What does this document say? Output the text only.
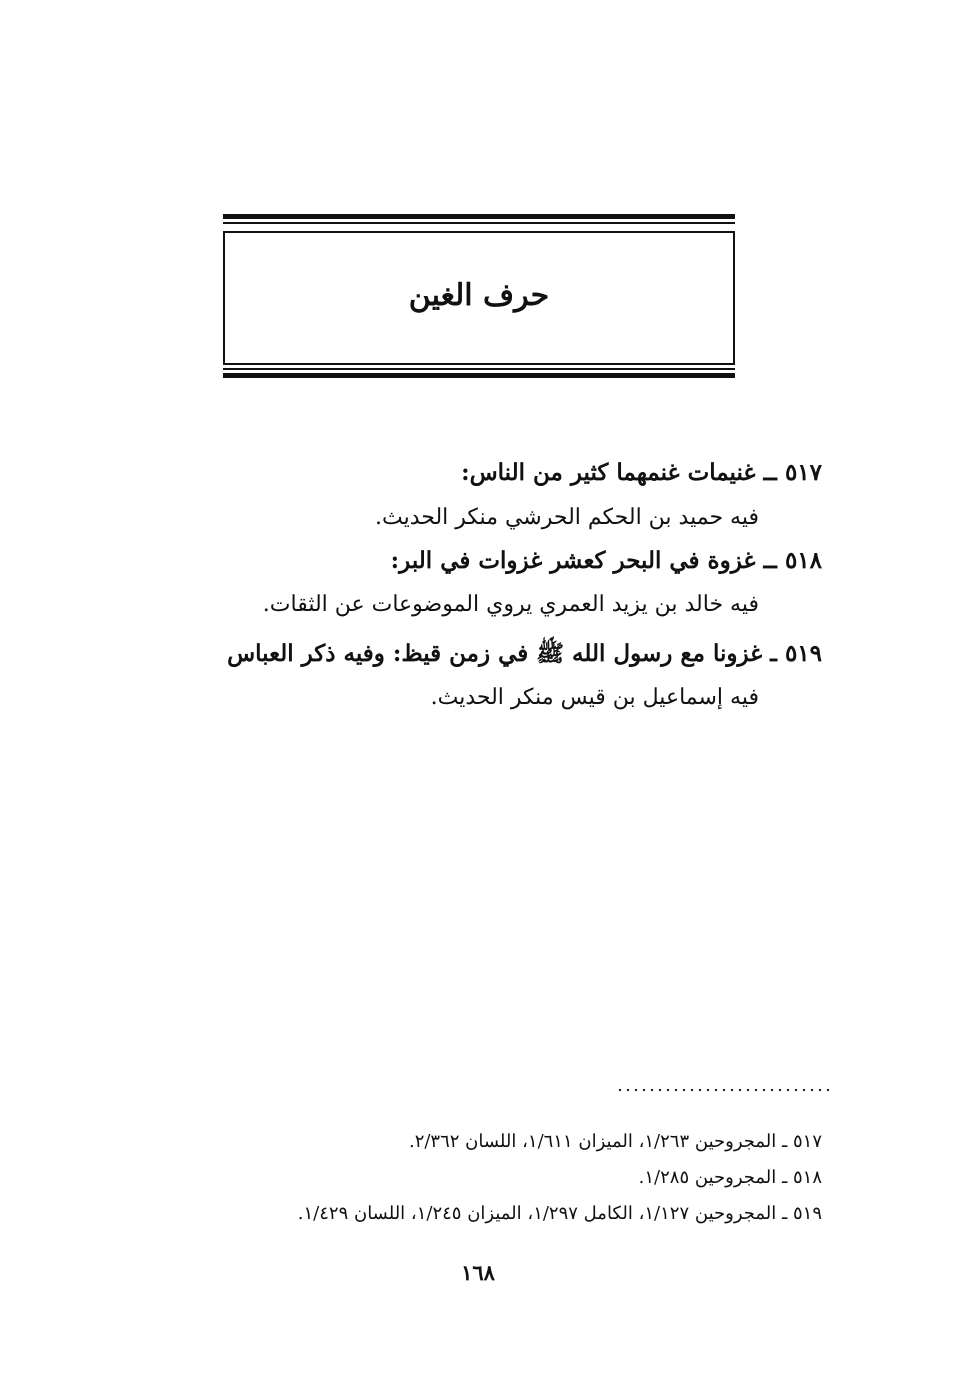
حرف الغين
٥١٧ ــ غنيمات غنمهما كثير من الناس:
فيه حميد بن الحكم الحرشي منكر الحديث.
٥١٨ ــ غزوة في البحر كعشر غزوات في البر:
فيه خالد بن يزيد العمري يروي الموضوعات عن الثقات.
٥١٩ ـ غزونا مع رسول الله ﷺ في زمن قيظ: وفيه ذكر العباس
فيه إسماعيل بن قيس منكر الحديث.
٥١٧ ـ المجروحين ١/٢٦٣، الميزان ١/٦١١، اللسان ٢/٣٦٢.
٥١٨ ـ المجروحين ١/٢٨٥.
٥١٩ ـ المجروحين ١/١٢٧، الكامل ١/٢٩٧، الميزان ١/٢٤٥، اللسان ١/٤٢٩.
١٦٨
